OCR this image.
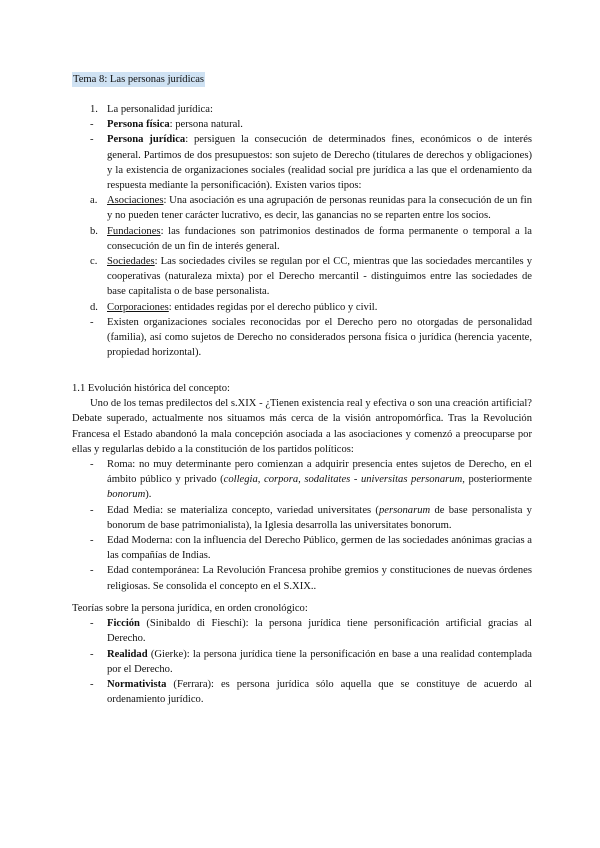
Tema 8: Las personas jurídicas
1. La personalidad jurídica:
- Persona física: persona natural.
- Persona jurídica: persiguen la consecución de determinados fines, económicos o de interés general. Partimos de dos presupuestos: son sujeto de Derecho (titulares de derechos y obligaciones) y la existencia de organizaciones sociales (realidad social pre jurídica a las que el ordenamiento da respuesta mediante la personificación). Existen varios tipos:
a. Asociaciones: Una asociación es una agrupación de personas reunidas para la consecución de un fin y no pueden tener carácter lucrativo, es decir, las ganancias no se reparten entre los socios.
b. Fundaciones: las fundaciones son patrimonios destinados de forma permanente o temporal a la consecución de un fin de interés general.
c. Sociedades: Las sociedades civiles se regulan por el CC, mientras que las sociedades mercantiles y cooperativas (naturaleza mixta) por el Derecho mercantil - distinguimos entre las sociedades de base capitalista o de base personalista.
d. Corporaciones: entidades regidas por el derecho público y civil.
- Existen organizaciones sociales reconocidas por el Derecho pero no otorgadas de personalidad (familia), así como sujetos de Derecho no considerados persona física o jurídica (herencia yacente, propiedad horizontal).

1.1 Evolución histórica del concepto:

Uno de los temas predilectos del s.XIX - ¿Tienen existencia real y efectiva o son una creación artificial? Debate superado, actualmente nos situamos más cerca de la visión antropomórfica. Tras la Revolución Francesa el Estado abandonó la mala concepción asociada a las asociaciones y comenzó a preocuparse por ellas y regularlas debido a la constitución de los partidos políticos:

- Roma: no muy determinante pero comienzan a adquirir presencia entes sujetos de Derecho, en el ámbito público y privado (collegia, corpora, sodalitates - universitas personarum, posteriormente bonorum).
- Edad Media: se materializa concepto, variedad universitates (personarum de base personalista y bonorum de base patrimonialista), la Iglesia desarrolla las universitates bonorum.
- Edad Moderna: con la influencia del Derecho Público, germen de las sociedades anónimas gracias a las compañías de Indias.
- Edad contemporánea: La Revolución Francesa prohibe gremios y constituciones de nuevas órdenes religiosas. Se consolida el concepto en el S.XIX..

Teorías sobre la persona jurídica, en orden cronológico:

- Ficción (Sinibaldo di Fieschi): la persona jurídica tiene personificación artificial gracias al Derecho.
- Realidad (Gierke): la persona jurídica tiene la personificación en base a una realidad contemplada por el Derecho.
- Normativista (Ferrara): es persona jurídica sólo aquella que se constituye de acuerdo al ordenamiento jurídico.
